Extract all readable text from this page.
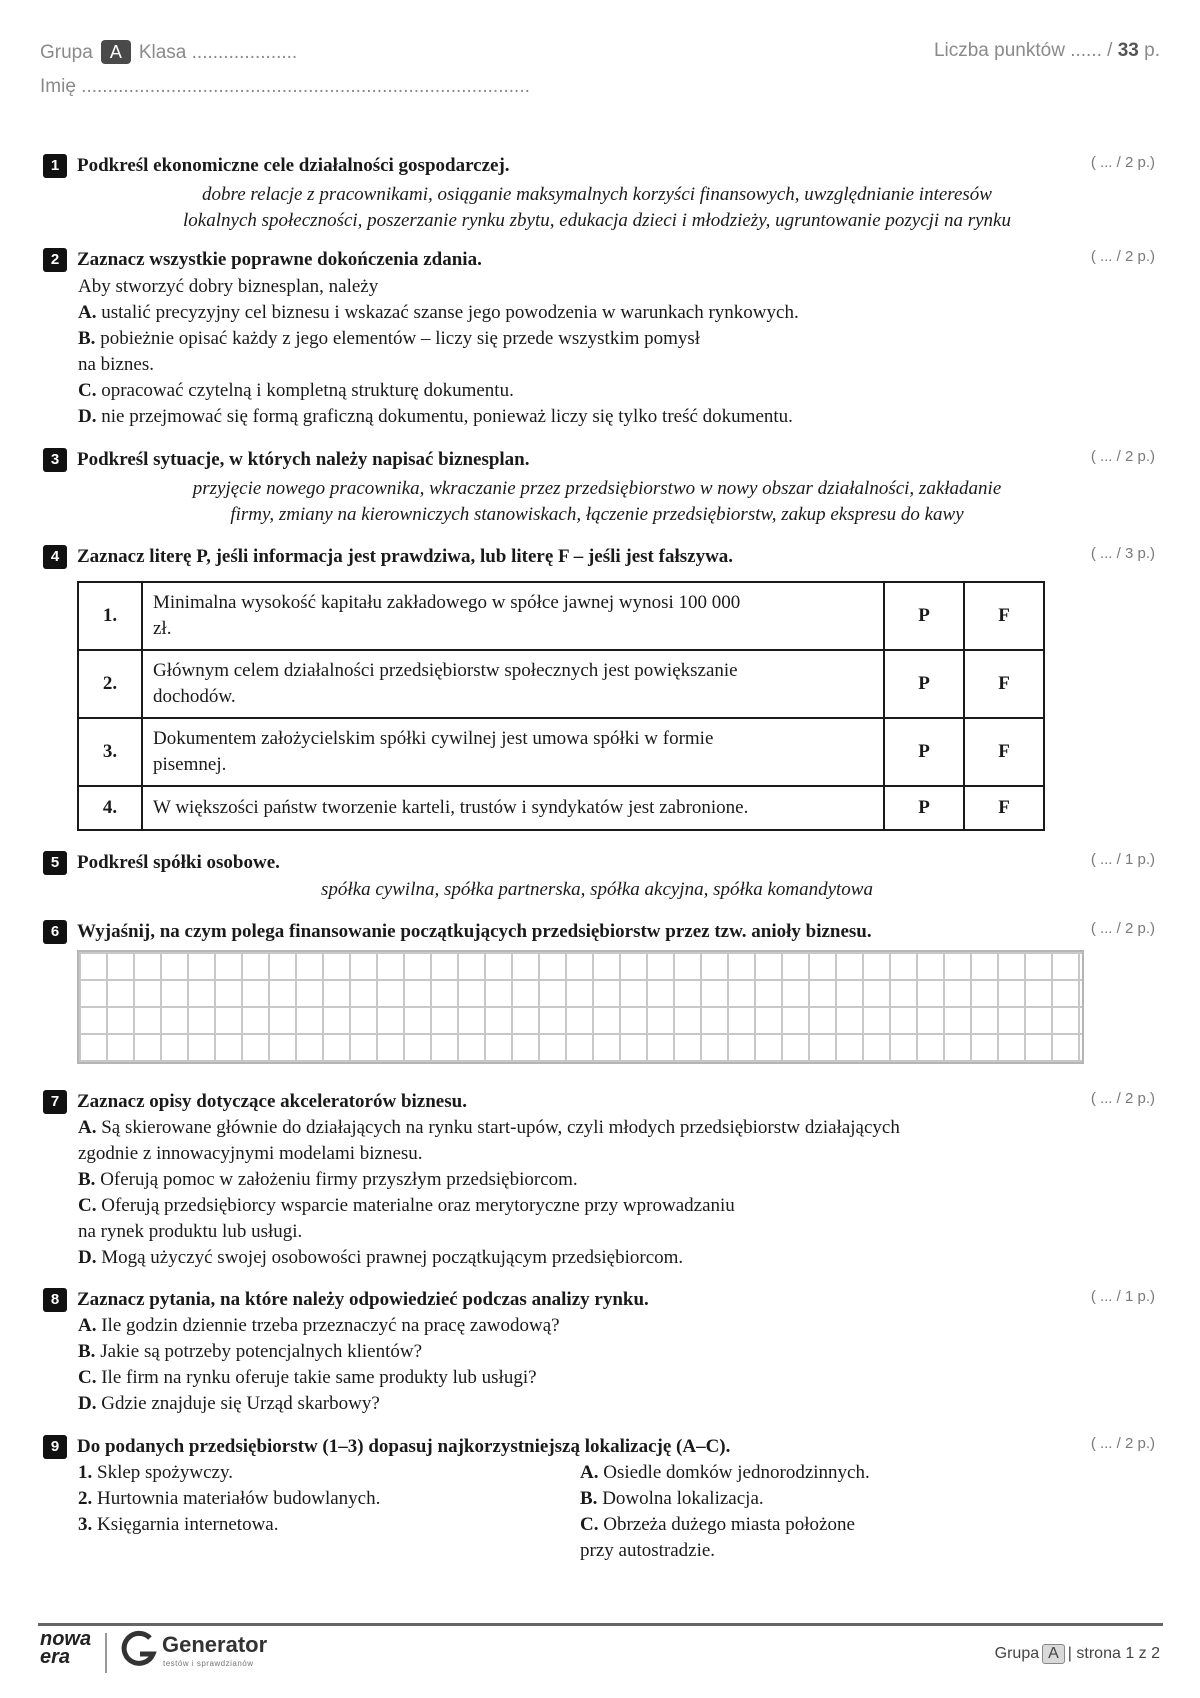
Grupa A Klasa ....................	Liczba punktów ...... / 33 p.
Imię .....................................................................................
1 Podkreśl ekonomiczne cele działalności gospodarczej.	( ... / 2 p.)
dobre relacje z pracownikami, osiąganie maksymalnych korzyści finansowych, uwzględnianie interesów
lokalnych społeczności, poszerzanie rynku zbytu, edukacja dzieci i młodzieży, ugruntowanie pozycji na rynku
2 Zaznacz wszystkie poprawne dokończenia zdania.	( ... / 2 p.)
Aby stworzyć dobry biznesplan, należy
A. ustalić precyzyjny cel biznesu i wskazać szanse jego powodzenia w warunkach rynkowych.
B. pobieżnie opisać każdy z jego elementów – liczy się przede wszystkim pomysł
na biznes.
C. opracować czytelną i kompletną strukturę dokumentu.
D. nie przejmować się formą graficzną dokumentu, ponieważ liczy się tylko treść dokumentu.
3 Podkreśl sytuacje, w których należy napisać biznesplan.	( ... / 2 p.)
przyjęcie nowego pracownika, wkraczanie przez przedsiębiorstwo w nowy obszar działalności, zakładanie
firmy, zmiany na kierowniczych stanowiskach, łączenie przedsiębiorstw, zakup ekspresu do kawy
4 Zaznacz literę P, jeśli informacja jest prawdziwa, lub literę F – jeśli jest fałszywa.	( ... / 3 p.)
1.	Minimalna wysokość kapitału zakładowego w spółce jawnej wynosi 100 000
zł.	P	F
2.	Głównym celem działalności przedsiębiorstw społecznych jest powiększanie
dochodów.	P	F
3.	Dokumentem założycielskim spółki cywilnej jest umowa spółki w formie
pisemnej.	P	F
4.	W większości państw tworzenie karteli, trustów i syndykatów jest zabronione.	P	F
5 Podkreśl spółki osobowe.	( ... / 1 p.)
spółka cywilna, spółka partnerska, spółka akcyjna, spółka komandytowa
6 Wyjaśnij, na czym polega finansowanie początkujących przedsiębiorstw przez tzw. anioły biznesu.	( ... / 2 p.)
7 Zaznacz opisy dotyczące akceleratorów biznesu.	( ... / 2 p.)
A. Są skierowane głównie do działających na rynku start-upów, czyli młodych przedsiębiorstw działających
zgodnie z innowacyjnymi modelami biznesu.
B. Oferują pomoc w założeniu firmy przyszłym przedsiębiorcom.
C. Oferują przedsiębiorcy wsparcie materialne oraz merytoryczne przy wprowadzaniu
na rynek produktu lub usługi.
D. Mogą użyczyć swojej osobowości prawnej początkującym przedsiębiorcom.
8 Zaznacz pytania, na które należy odpowiedzieć podczas analizy rynku.	( ... / 1 p.)
A. Ile godzin dziennie trzeba przeznaczyć na pracę zawodową?
B. Jakie są potrzeby potencjalnych klientów?
C. Ile firm na rynku oferuje takie same produkty lub usługi?
D. Gdzie znajduje się Urząd skarbowy?
9 Do podanych przedsiębiorstw (1–3) dopasuj najkorzystniejszą lokalizację (A–C).	( ... / 2 p.)
1. Sklep spożywczy.
2. Hurtownia materiałów budowlanych.
3. Księgarnia internetowa.
A. Osiedle domków jednorodzinnych.
B. Dowolna lokalizacja.
C. Obrzeża dużego miasta położone
przy autostradzie.
nowa
era	Generator
testów i sprawdzianów
Grupa A | strona 1 z 2
